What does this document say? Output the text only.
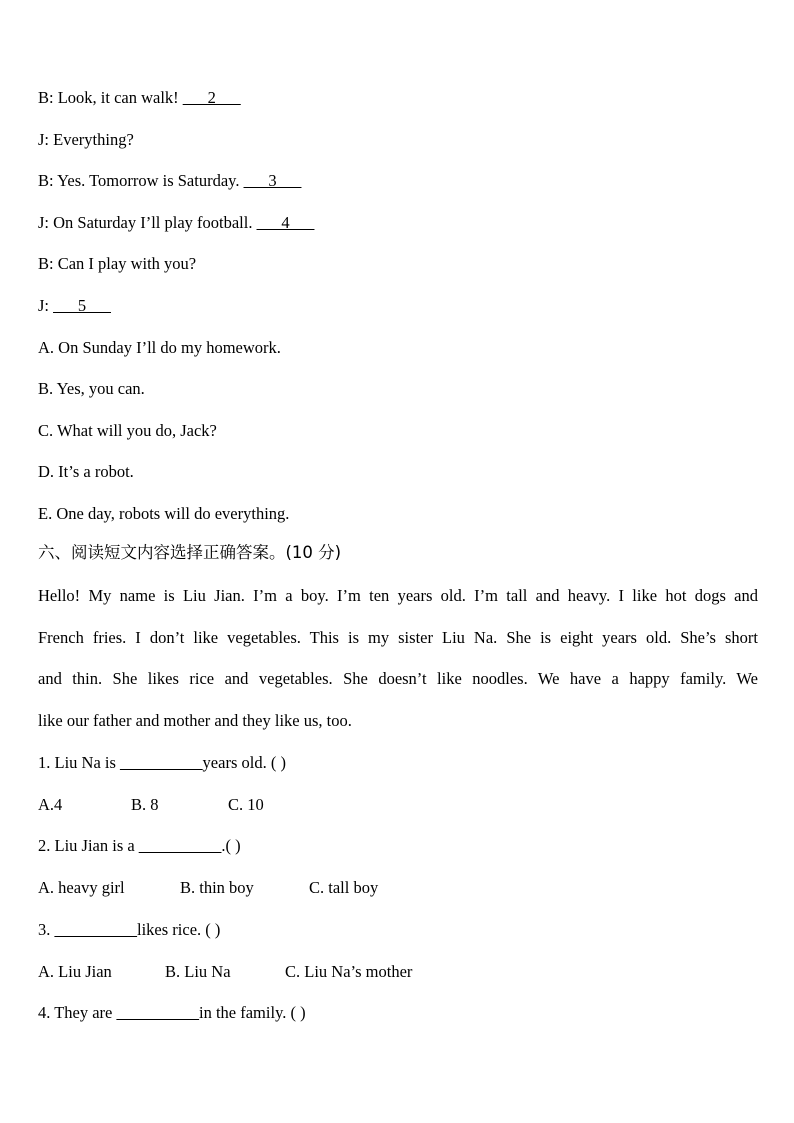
B: Look, it can walk! ___2___
J: Everything?
B: Yes. Tomorrow is Saturday. ___3___
J: On Saturday I’ll play football. ___4___
B: Can I play with you?
J: ___5___
A. On Sunday I’ll do my homework.
B. Yes, you can.
C. What will you do, Jack?
D. It’s a robot.
E. One day, robots will do everything.
六、阅读短文内容选择正确答案。(10 分)
Hello! My name is Liu Jian. I’m a boy. I’m ten years old. I’m tall and heavy. I like hot dogs and
French fries. I don’t like vegetables. This is my sister Liu Na. She is eight years old. She’s short
and thin. She likes rice and vegetables. She doesn’t like noodles. We have a happy family. We
like our father and mother and they like us, too.
1. Liu Na is __________years old. ( )
A.4	B. 8	C. 10
2. Liu Jian is a __________.( )
A. heavy girl	B. thin boy	C. tall boy
3. __________likes rice. ( )
A. Liu Jian	B. Liu Na	C. Liu Na’s mother
4. They are __________in the family. ( )
